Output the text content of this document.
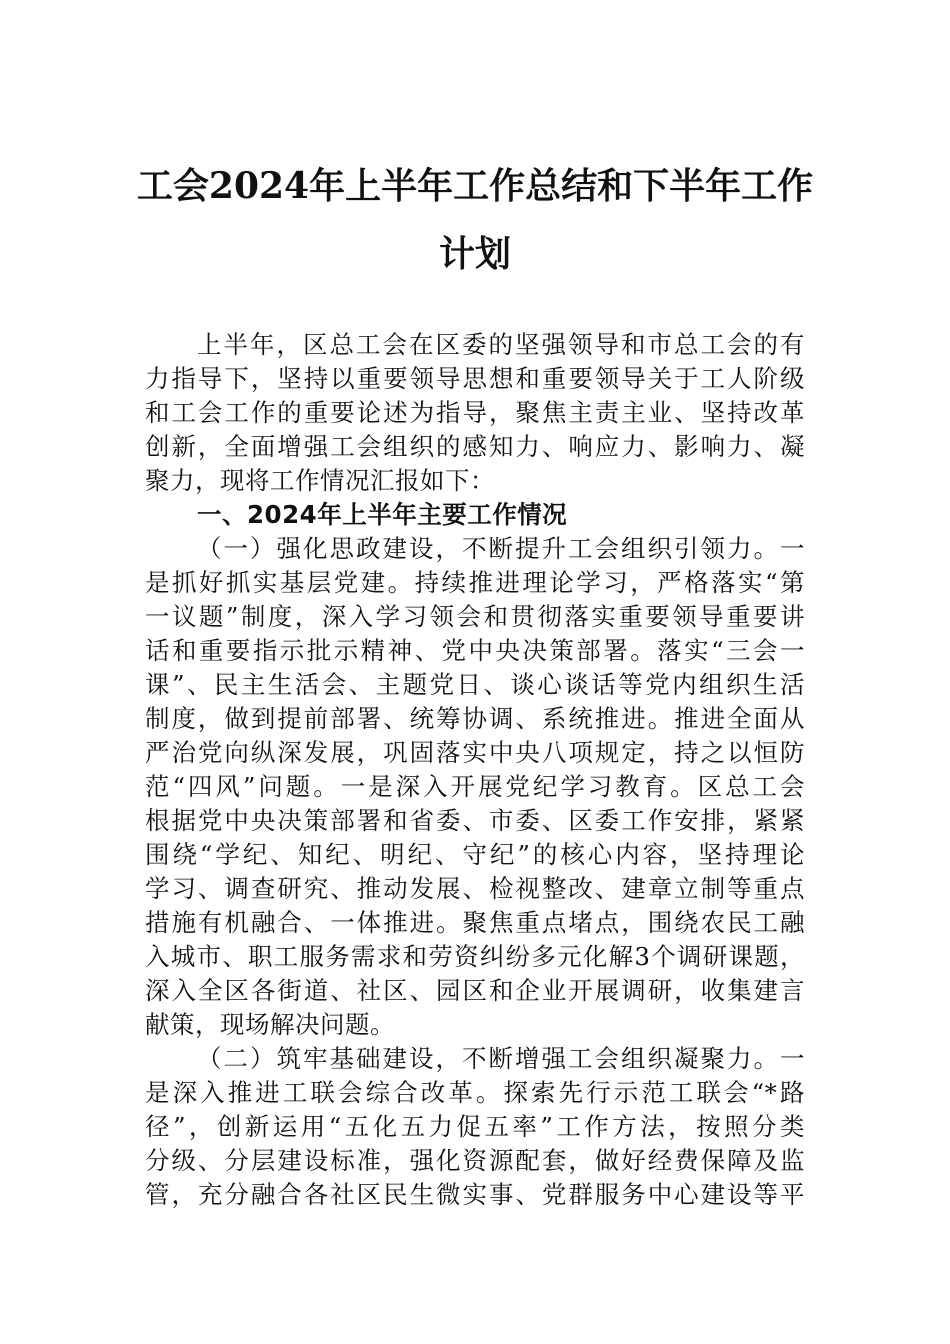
工会2024年上半年工作总结和下半年工作
计划
上半年，区总工会在区委的坚强领导和市总工会的有
力指导下，坚持以重要领导思想和重要领导关于工人阶级
和工会工作的重要论述为指导，聚焦主责主业、坚持改革
创新，全面增强工会组织的感知力、响应力、影响力、凝
聚力，现将工作情况汇报如下：
一、2024年上半年主要工作情况
（一）强化思政建设，不断提升工会组织引领力。一
是抓好抓实基层党建。持续推进理论学习，严格落实“第
一议题”制度，深入学习领会和贯彻落实重要领导重要讲
话和重要指示批示精神、党中央决策部署。落实“三会一
课”、民主生活会、主题党日、谈心谈话等党内组织生活
制度，做到提前部署、统筹协调、系统推进。推进全面从
严治党向纵深发展，巩固落实中央八项规定，持之以恒防
范“四风”问题。一是深入开展党纪学习教育。区总工会
根据党中央决策部署和省委、市委、区委工作安排，紧紧
围绕“学纪、知纪、明纪、守纪”的核心内容，坚持理论
学习、调查研究、推动发展、检视整改、建章立制等重点
措施有机融合、一体推进。聚焦重点堵点，围绕农民工融
入城市、职工服务需求和劳资纠纷多元化解3个调研课题，
深入全区各街道、社区、园区和企业开展调研，收集建言
献策，现场解决问题。
（二）筑牢基础建设，不断增强工会组织凝聚力。一
是深入推进工联会综合改革。探索先行示范工联会“*路
径”，创新运用“五化五力促五率”工作方法，按照分类
分级、分层建设标准，强化资源配套，做好经费保障及监
管，充分融合各社区民生微实事、党群服务中心建设等平
